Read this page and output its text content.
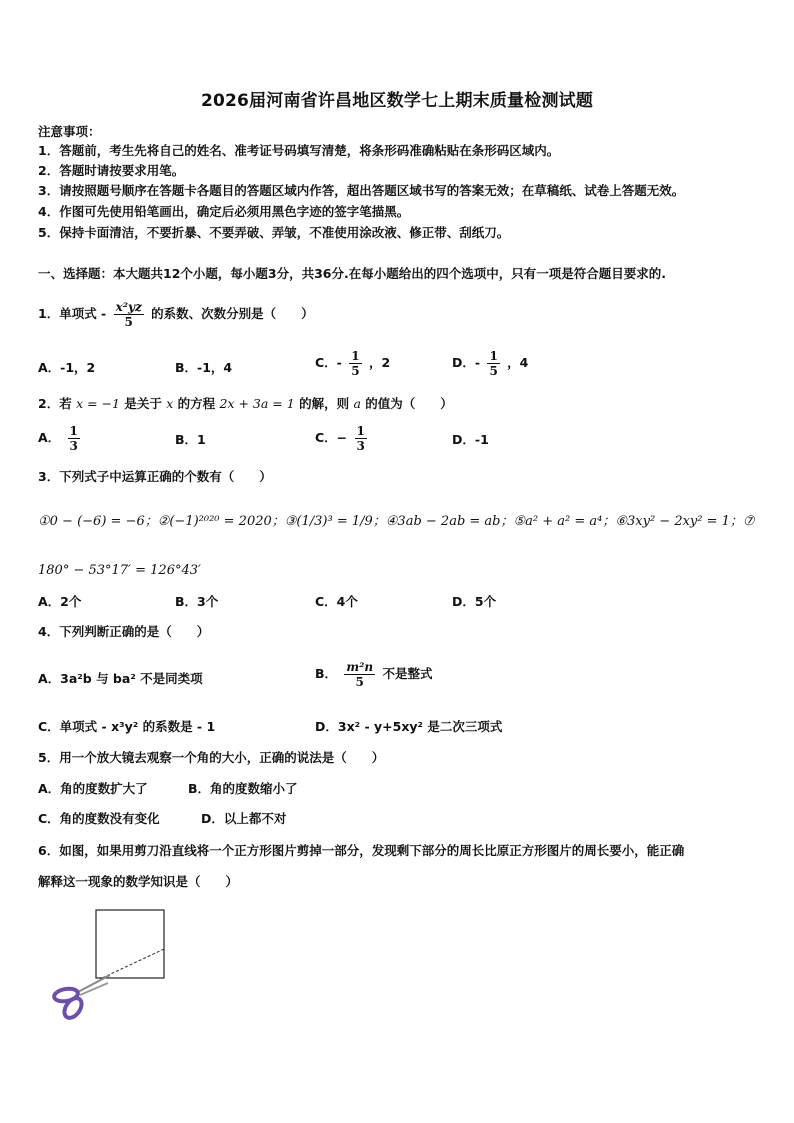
2026届河南省许昌地区数学七上期末质量检测试题
注意事项：
1．答题前，考生先将自己的姓名、准考证号码填写清楚，将条形码准确粘贴在条形码区域内。
2．答题时请按要求用笔。
3．请按照题号顺序在答题卡各题目的答题区域内作答，超出答题区域书写的答案无效；在草稿纸、试卷上答题无效。
4．作图可先使用铅笔画出，确定后必须用黑色字迹的签字笔描黑。
5．保持卡面清洁，不要折暴、不要弄破、弄皱，不准使用涂改液、修正带、刮纸刀。
一、选择题：本大题共12个小题，每小题3分，共36分.在每小题给出的四个选项中，只有一项是符合题目要求的.
1．单项式 - $\frac{\text{x²yz}}{5}$ 的系数、次数分别是（　　）
A．-1，2	B．-1，4	C．- $\frac{1}{5}$ ，2	D．- $\frac{1}{5}$ ，4
2．若 x = −1 是关于 x 的方程 2x + 3a = 1 的解，则 a 的值为（　　）
A． $\frac{1}{3}$	B．1	C．− $\frac{1}{3}$	D．-1
3．下列式子中运算正确的个数有（　　）
①0 − (−6) = −6；②(−1)²⁰²⁰ = 2020；③(1/3)³ = 1/9；④3ab − 2ab = ab；⑤a² + a² = a⁴；⑥3xy² − 2xy² = 1；⑦
180° − 53°17′ = 126°43′
A．2个	B．3个	C．4个	D．5个
4．下列判断正确的是（　　）
A．3a²b 与 ba² 不是同类项	B． $\frac{\text{m²n}}{5}$ 不是整式
C．单项式 - x³y² 的系数是 - 1	D．3x² - y+5xy² 是二次三项式
5．用一个放大镜去观察一个角的大小，正确的说法是（　　）
A．角的度数扩大了	B．角的度数缩小了
C．角的度数没有变化	D．以上都不对
6．如图，如果用剪刀沿直线将一个正方形图片剪掉一部分，发现剩下部分的周长比原正方形图片的周长要小，能正确
解释这一现象的数学知识是（　　）
